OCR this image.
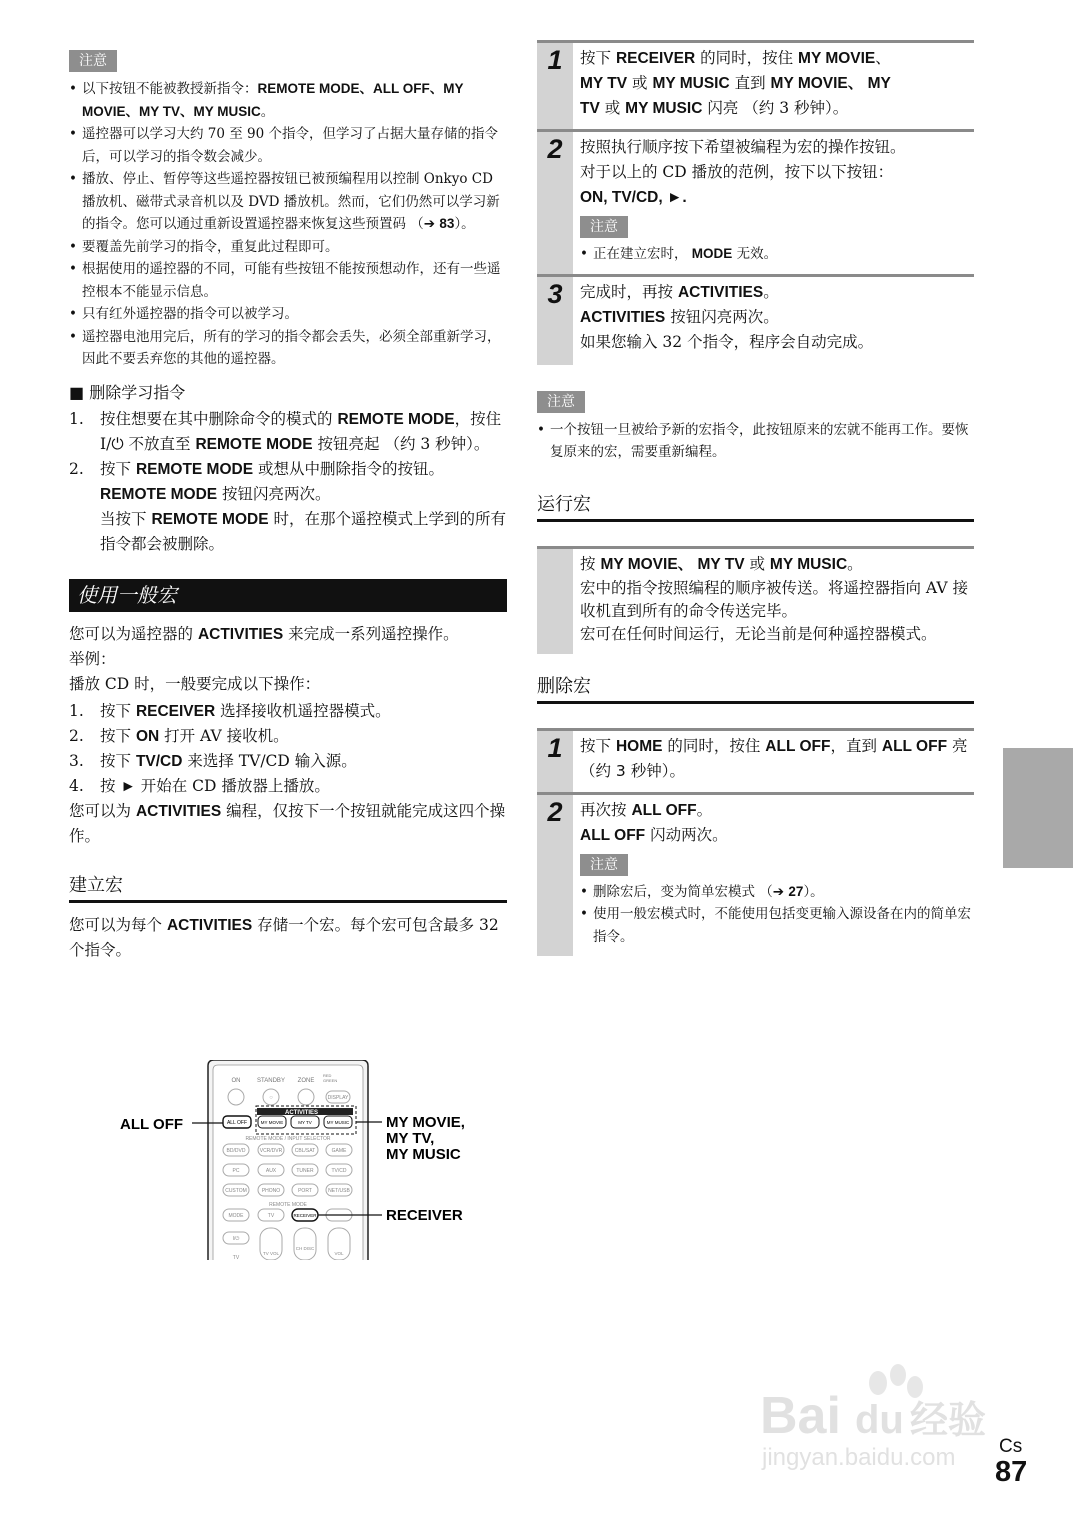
注意
• 以下按钮不能被教授新指令：REMOTE MODE、ALL OFF、MY MOVIE、MY TV、MY MUSIC。
• 遥控器可以学习大约 70 至 90 个指令，但学习了占据大量存储的指令后，可以学习的指令数会减少。
• 播放、停止、暂停等这些遥控器按钮已被预编程用以控制 Onkyo CD 播放机、磁带式录音机以及 DVD 播放机。然而，它们仍然可以学习新的指令。您可以通过重新设置遥控器来恢复这些预置码 （➔ 83）。
• 要覆盖先前学习的指令，重复此过程即可。
• 根据使用的遥控器的不同，可能有些按钮不能按预想动作，还有一些遥控根本不能显示信息。
• 只有红外遥控器的指令可以被学习。
• 遥控器电池用完后，所有的学习的指令都会丢失，必须全部重新学习，因此不要丢弃您的其他的遥控器。
■ 删除学习指令
1. 按住想要在其中删除命令的模式的 REMOTE MODE，按住 I/⏻ 不放直至 REMOTE MODE 按钮亮起 （约 3 秒钟）。
2. 按下 REMOTE MODE 或想从中删除指令的按钮。REMOTE MODE 按钮闪亮两次。
当按下 REMOTE MODE 时，在那个遥控模式上学到的所有指令都会被删除。
使用一般宏
您可以为遥控器的 ACTIVITIES 来完成一系列遥控操作。
举例：
播放 CD 时，一般要完成以下操作：
1. 按下 RECEIVER 选择接收机遥控器模式。
2. 按下 ON 打开 AV 接收机。
3. 按下 TV/CD 来选择 TV/CD 输入源。
4. 按 ► 开始在 CD 播放器上播放。
您可以为 ACTIVITIES 编程，仅按下一个按钮就能完成这四个操作。
建立宏
您可以为每个 ACTIVITIES 存储一个宏。每个宏可包含最多 32 个指令。
ON	STANDBY ZONE
RED
GREEN
○	DISPLAY
ACTIVITIES
ALL OFF	MY MOVIE	MY TV	MY MUSIC
REMOTE MODE / INPUT SELECTOR
BD/DVD	VCR/DVR	CBL/SAT	GAME
PC	AUX	TUNER	TV/CD
CUSTOM	PHONO	PORT	NET/USB
REMOTE MODE
MODE	TV	RECEIVER
I/⏻
TV
TV VOL
CH DISC
VOL
ALL OFF	MY MOVIE,
MY TV,
MY MUSIC
RECEIVER
1	按下 RECEIVER 的同时，按住 MY MOVIE、
MY TV 或 MY MUSIC 直到 MY MOVIE、 MY
TV 或 MY MUSIC 闪亮 （约 3 秒钟）。
2	按照执行顺序按下希望被编程为宏的操作按钮。
对于以上的 CD 播放的范例，按下以下按钮：
ON, TV/CD, ►.
注意
• 正在建立宏时， MODE 无效。
3	完成时，再按 ACTIVITIES。
ACTIVITIES 按钮闪亮两次。
如果您输入 32 个指令，程序会自动完成。
注意
• 一个按钮一旦被给予新的宏指令，此按钮原来的宏就不能再工作。要恢复原来的宏，需要重新编程。
运行宏
按 MY MOVIE、 MY TV 或 MY MUSIC。
宏中的指令按照编程的顺序被传送。将遥控器指向 AV 接收机直到所有的命令传送完毕。
宏可在任何时间运行，无论当前是何种遥控器模式。
删除宏
1	按下 HOME 的同时，按住 ALL OFF，直到 ALL OFF 亮 （约 3 秒钟）。
2	再次按 ALL OFF。
ALL OFF 闪动两次。
注意
• 删除宏后，变为简单宏模式 （➔ 27）。
• 使用一般宏模式时，不能使用包括变更输入源设备在内的简单宏指令。
Bai du 经验
jingyan.baidu.com Cs
87
